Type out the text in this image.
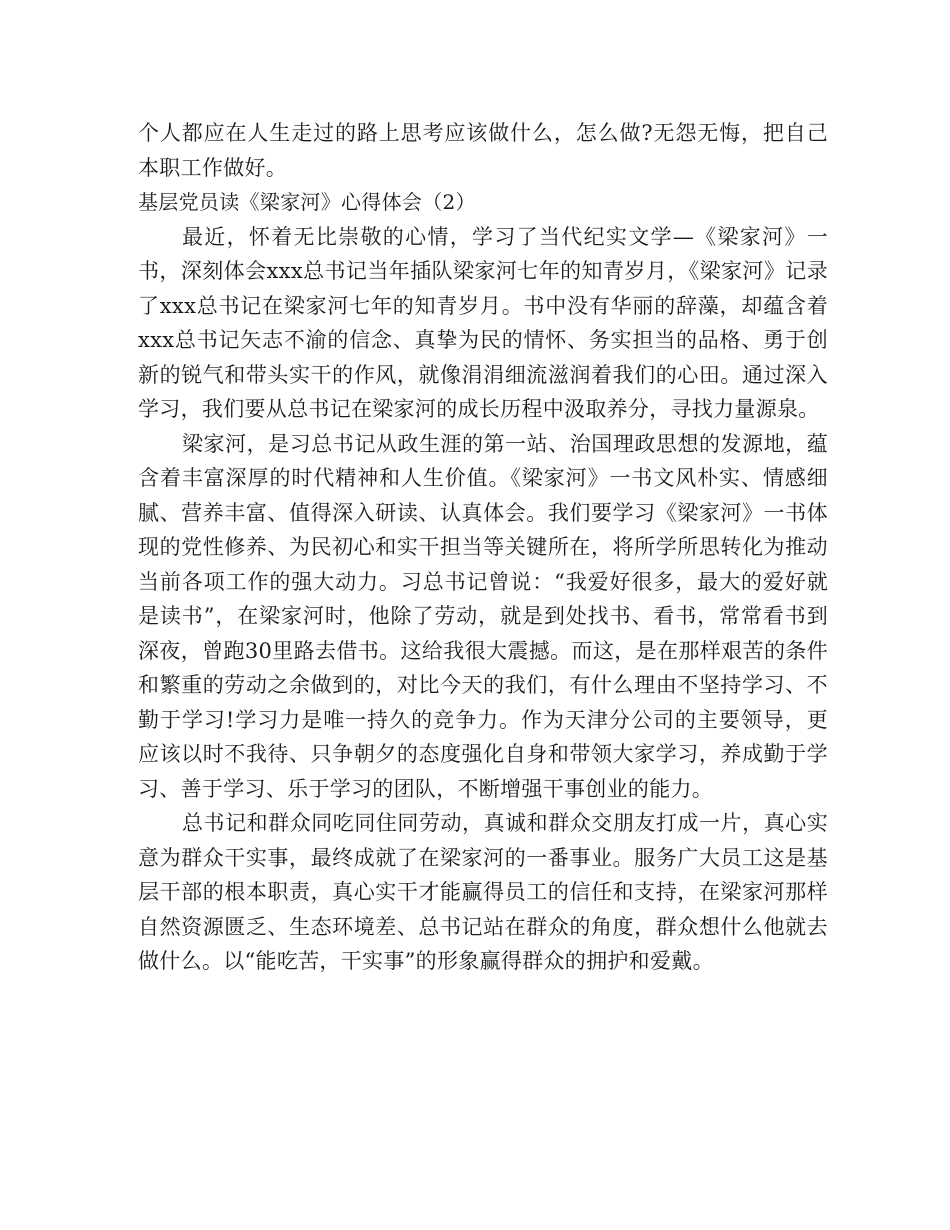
个人都应在人生走过的路上思考应该做什么，怎么做?无怨无悔，把自己本职工作做好。

基层党员读《梁家河》心得体会（2）

最近，怀着无比崇敬的心情，学习了当代纪实文学—《梁家河》一书，深刻体会xxx总书记当年插队梁家河七年的知青岁月，《梁家河》记录了xxx总书记在梁家河七年的知青岁月。书中没有华丽的辞藻，却蕴含着xxx总书记矢志不渝的信念、真挚为民的情怀、务实担当的品格、勇于创新的锐气和带头实干的作风，就像涓涓细流滋润着我们的心田。通过深入学习，我们要从总书记在梁家河的成长历程中汲取养分，寻找力量源泉。

梁家河，是习总书记从政生涯的第一站、治国理政思想的发源地，蕴含着丰富深厚的时代精神和人生价值。《梁家河》一书文风朴实、情感细腻、营养丰富、值得深入研读、认真体会。我们要学习《梁家河》一书体现的党性修养、为民初心和实干担当等关键所在，将所学所思转化为推动当前各项工作的强大动力。习总书记曾说：“我爱好很多，最大的爱好就是读书”，在梁家河时，他除了劳动，就是到处找书、看书，常常看书到深夜，曾跑30里路去借书。这给我很大震撼。而这，是在那样艰苦的条件和繁重的劳动之余做到的，对比今天的我们，有什么理由不坚持学习、不勤于学习!学习力是唯一持久的竞争力。作为天津分公司的主要领导，更应该以时不我待、只争朝夕的态度强化自身和带领大家学习，养成勤于学习、善于学习、乐于学习的团队，不断增强干事创业的能力。

总书记和群众同吃同住同劳动，真诚和群众交朋友打成一片，真心实意为群众干实事，最终成就了在梁家河的一番事业。服务广大员工这是基层干部的根本职责，真心实干才能赢得员工的信任和支持，在梁家河那样自然资源匮乏、生态环境差、总书记站在群众的角度，群众想什么他就去做什么。以“能吃苦，干实事”的形象赢得群众的拥护和爱戴。
